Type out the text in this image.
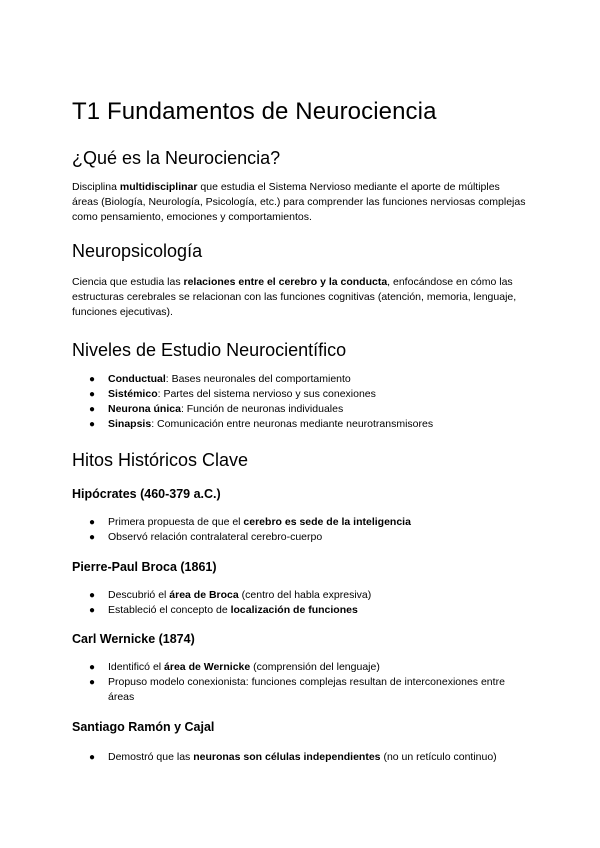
T1 Fundamentos de Neurociencia
¿Qué es la Neurociencia?

Disciplina multidisciplinar que estudia el Sistema Nervioso mediante el aporte de múltiples áreas (Biología, Neurología, Psicología, etc.) para comprender las funciones nerviosas complejas como pensamiento, emociones y comportamientos.

Neuropsicología

Ciencia que estudia las relaciones entre el cerebro y la conducta, enfocándose en cómo las estructuras cerebrales se relacionan con las funciones cognitivas (atención, memoria, lenguaje, funciones ejecutivas).

Niveles de Estudio Neurocientífico
● Conductual: Bases neuronales del comportamiento
● Sistémico: Partes del sistema nervioso y sus conexiones
● Neurona única: Función de neuronas individuales
● Sinapsis: Comunicación entre neuronas mediante neurotransmisores
Hitos Históricos Clave
Hipócrates (460-379 a.C.)
● Primera propuesta de que el cerebro es sede de la inteligencia
● Observó relación contralateral cerebro-cuerpo
Pierre-Paul Broca (1861)
● Descubrió el área de Broca (centro del habla expresiva)
● Estableció el concepto de localización de funciones
Carl Wernicke (1874)
● Identificó el área de Wernicke (comprensión del lenguaje)
● Propuso modelo conexionista: funciones complejas resultan de interconexiones entre áreas
Santiago Ramón y Cajal
● Demostró que las neuronas son células independientes (no un retículo continuo)
